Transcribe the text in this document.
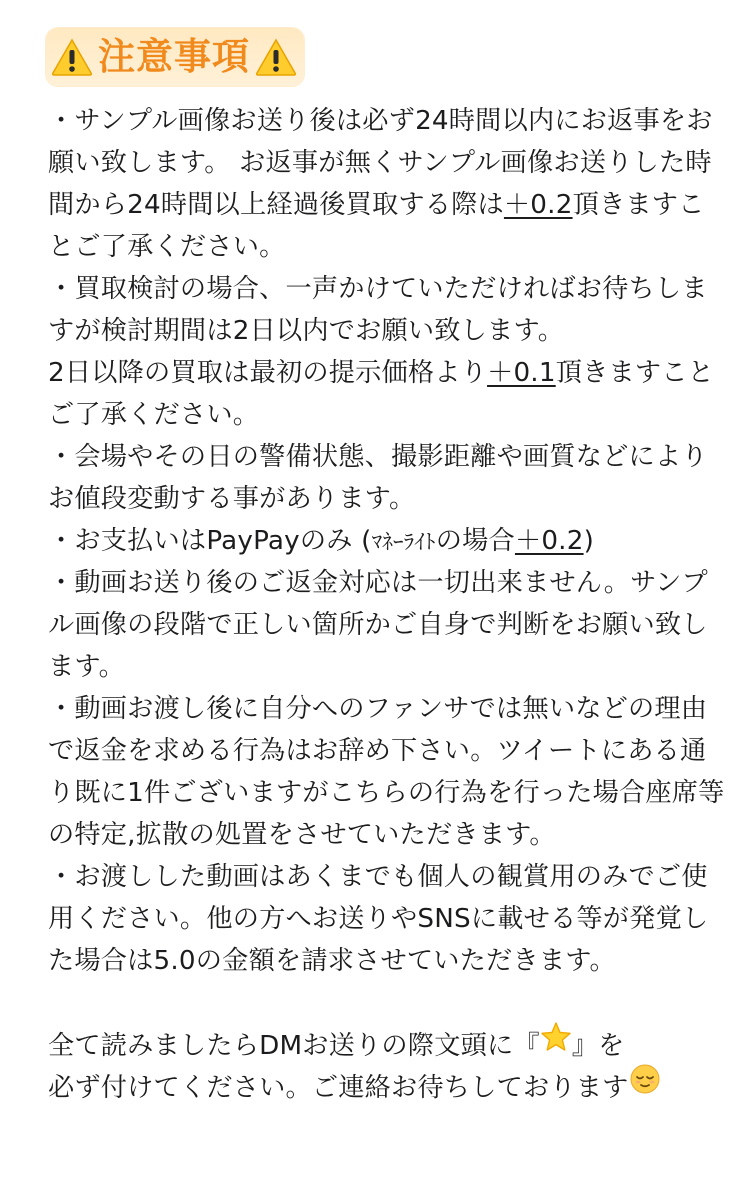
注意事項
・サンプル画像お送り後は必ず24時間以内にお返事をお
願い致します。 お返事が無くサンプル画像お送りした時
間から24時間以上経過後買取する際は＋0.2頂きますこ
とご了承ください。
・買取検討の場合、一声かけていただければお待ちしま
すが検討期間は2日以内でお願い致します。
2日以降の買取は最初の提示価格より＋0.1頂きますこと
ご了承ください。
・会場やその日の警備状態、撮影距離や画質などにより
お値段変動する事があります。
・お支払いはPayPayのみ (ﾏﾈｰﾗｲﾄの場合＋0.2)
・動画お送り後のご返金対応は一切出来ません。サンプ
ル画像の段階で正しい箇所かご自身で判断をお願い致し
ます。
・動画お渡し後に自分へのファンサでは無いなどの理由
で返金を求める行為はお辞め下さい。ツイートにある通
り既に1件ございますがこちらの行為を行った場合座席等
の特定,拡散の処置をさせていただきます。
・お渡しした動画はあくまでも個人の観賞用のみでご使
用ください。他の方へお送りやSNSに載せる等が発覚し
た場合は5.0の金額を請求させていただきます。
全て読みましたらDMお送りの際文頭に『 』を
必ず付けてください。ご連絡お待ちしております
